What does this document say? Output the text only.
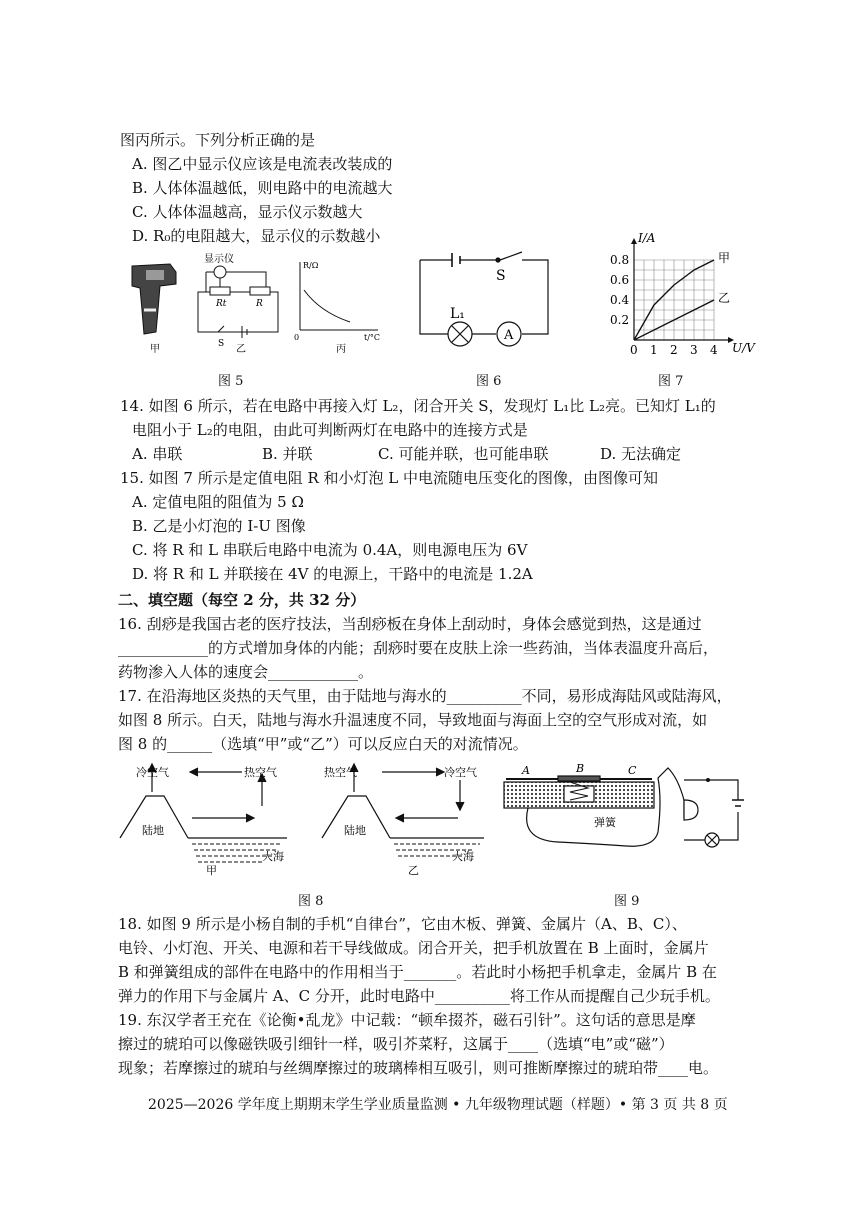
图丙所示。下列分析正确的是
A. 图乙中显示仪应该是电流表改装成的
B. 人体体温越低，则电路中的电流越大
C. 人体体温越高，显示仪示数越大
D. R₀的电阻越大，显示仪的示数越小
甲
显示仪
Rt	R
S 乙
R/Ω
t/°C
0
丙
图 5
A
S
L₁
图 6
I/A
U/V
0 1 2 3 4
0.2
0.4
0.6
0.8	甲
乙
图 7
14. 如图 6 所示，若在电路中再接入灯 L₂，闭合开关 S，发现灯 L₁比 L₂亮。已知灯 L₁的
电阻小于 L₂的电阻，由此可判断两灯在电路中的连接方式是
A. 串联	B. 并联	C. 可能并联，也可能串联	D. 无法确定
15. 如图 7 所示是定值电阻 R 和小灯泡 L 中电流随电压变化的图像，由图像可知
A. 定值电阻的阻值为 5 Ω
B. 乙是小灯泡的 I-U 图像
C. 将 R 和 L 串联后电路中电流为 0.4A，则电源电压为 6V
D. 将 R 和 L 并联接在 4V 的电源上，干路中的电流是 1.2A
二、填空题（每空 2 分，共 32 分）
16. 刮痧是我国古老的医疗技法，当刮痧板在身体上刮动时，身体会感觉到热，这是通过
____________的方式增加身体的内能；刮痧时要在皮肤上涂一些药油，当体表温度升高后，
药物渗入人体的速度会____________。
17. 在沿海地区炎热的天气里，由于陆地与海水的__________不同，易形成海陆风或陆海风，
如图 8 所示。白天，陆地与海水升温速度不同，导致地面与海面上空的空气形成对流，如
图 8 的______（选填“甲”或“乙”）可以反应白天的对流情况。
冷空气	热空气
陆地
大海
甲
热空气	冷空气
陆地
大海
乙
图 8
A	B	C
弹簧
图 9
18. 如图 9 所示是小杨自制的手机“自律台”，它由木板、弹簧、金属片（A、B、C）、
电铃、小灯泡、开关、电源和若干导线做成。闭合开关，把手机放置在 B 上面时，金属片
B 和弹簧组成的部件在电路中的作用相当于_______。若此时小杨把手机拿走，金属片 B 在
弹力的作用下与金属片 A、C 分开，此时电路中__________将工作从而提醒自己少玩手机。
19. 东汉学者王充在《论衡•乱龙》中记载：“顿牟掇芥，磁石引针”。这句话的意思是摩
擦过的琥珀可以像磁铁吸引细针一样，吸引芥菜籽，这属于____（选填“电”或“磁”）
现象；若摩擦过的琥珀与丝绸摩擦过的玻璃棒相互吸引，则可推断摩擦过的琥珀带____电。
2025—2026 学年度上期期末学生学业质量监测 • 九年级物理试题（样题）• 第 3 页 共 8 页
